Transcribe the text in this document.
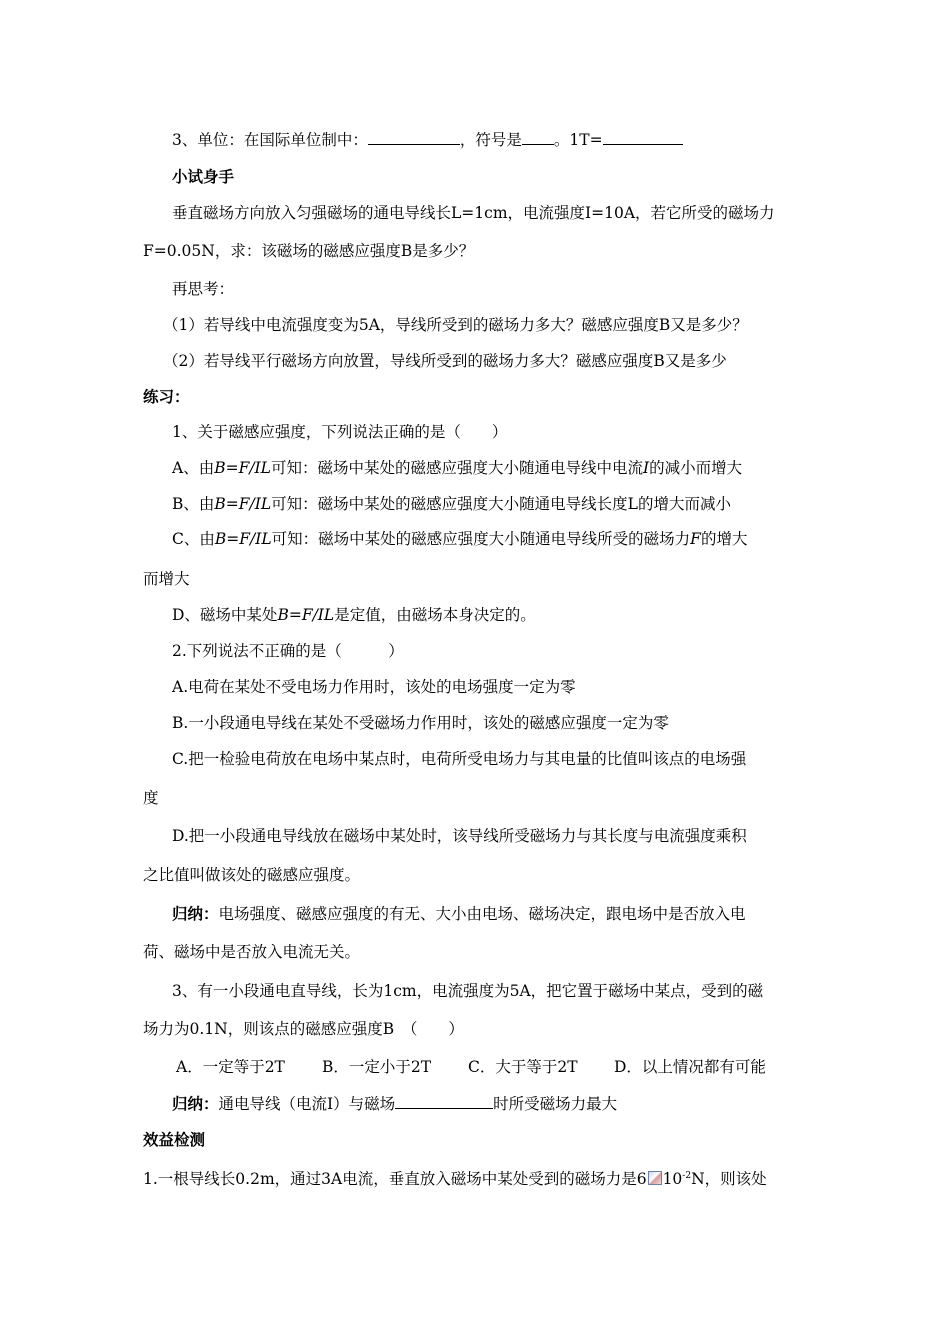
3、单位：在国际单位制中：	，符号是 。1T=
小试身手
垂直磁场方向放入匀强磁场的通电导线长L=1cm，电流强度I=10A，若它所受的磁场力
F=0.05N，求：该磁场的磁感应强度B是多少？
再思考：
（1）若导线中电流强度变为5A，导线所受到的磁场力多大？磁感应强度B又是多少？
（2）若导线平行磁场方向放置，导线所受到的磁场力多大？磁感应强度B又是多少
练习：
1、关于磁感应强度，下列说法正确的是（　　）
A、由B=F/IL可知：磁场中某处的磁感应强度大小随通电导线中电流I的减小而增大
B、由B=F/IL可知：磁场中某处的磁感应强度大小随通电导线长度L的增大而减小
C、由B=F/IL可知：磁场中某处的磁感应强度大小随通电导线所受的磁场力F的增大
而增大
D、磁场中某处B=F/IL是定值，由磁场本身决定的。
2.下列说法不正确的是（　　　）
A.电荷在某处不受电场力作用时，该处的电场强度一定为零
B.一小段通电导线在某处不受磁场力作用时，该处的磁感应强度一定为零
C.把一检验电荷放在电场中某点时，电荷所受电场力与其电量的比值叫该点的电场强
度
D.把一小段通电导线放在磁场中某处时，该导线所受磁场力与其长度与电流强度乘积
之比值叫做该处的磁感应强度。
归纳：电场强度、磁感应强度的有无、大小由电场、磁场决定，跟电场中是否放入电
荷、磁场中是否放入电流无关。
3、有一小段通电直导线，长为1cm，电流强度为5A，把它置于磁场中某点，受到的磁
场力为0.1N，则该点的磁感应强度B　（　　）
A．一定等于2T B．一定小于2T C．大于等于2T D．以上情况都有可能
归纳：通电导线（电流I）与磁场	时所受磁场力最大
效益检测
1.一根导线长0.2m，通过3A电流，垂直放入磁场中某处受到的磁场力是6 $10^{-2}N$，则该处
